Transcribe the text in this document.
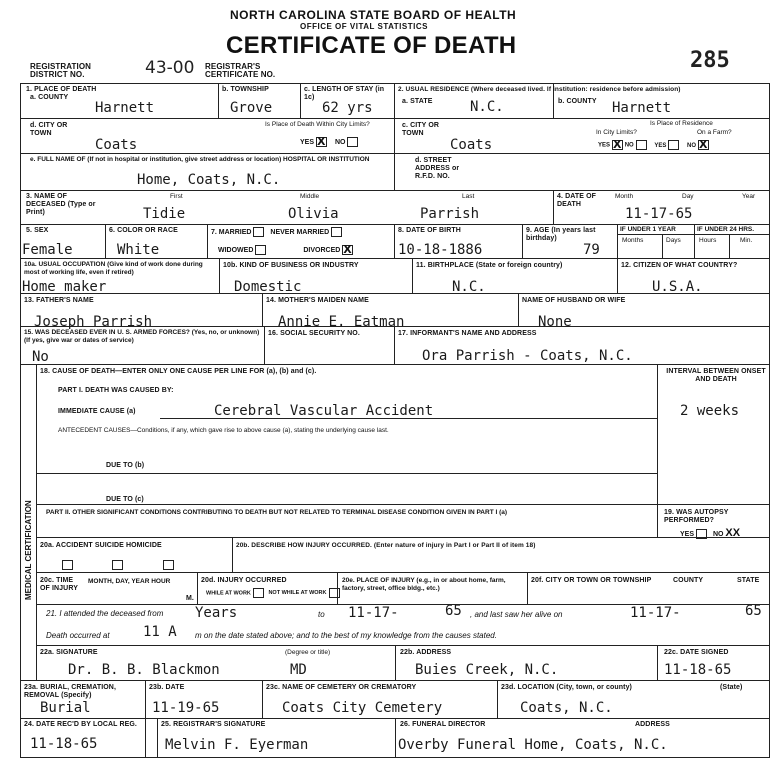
NORTH CAROLINA STATE BOARD OF HEALTH
OFFICE OF VITAL STATISTICS
CERTIFICATE OF DEATH
REGISTRATION DISTRICT NO.	43-00 REGISTRAR'S CERTIFICATE NO.
285
1. PLACE OF DEATH
a. COUNTY
Harnett
b. TOWNSHIP
Grove
c. LENGTH OF STAY (in 1c)
62 yrs
d. CITY OR TOWN
Coats
Is Place of Death Within City Limits?
YES X NO
e. FULL NAME OF (If not in hospital or institution, give street address or location) HOSPITAL OR INSTITUTION
Home, Coats, N.C.
2. USUAL RESIDENCE (Where deceased lived. If institution: residence before admission)
a. STATE	N.C.	b. COUNTY Harnett
c. CITY OR TOWN
Coats
Is Place of Residence
In City Limits?	On a Farm?
YES X NO	YES	NO X
d. STREET ADDRESS or R.F.D. NO.
3. NAME OF DECEASED (Type or Print)
First	Middle	Last
Tidie	Olivia	Parrish
4. DATE OF DEATH
Month	Day	Year
11-17-65
5. SEX
Female
6. COLOR OR RACE
White
7. MARRIED	NEVER MARRIED
WIDOWED	DIVORCED X
8. DATE OF BIRTH
10-18-1886
9. AGE (In years last birthday)
79
IF UNDER 1 YEAR	IF UNDER 24 HRS.
Months	Days	Hours	Min.
10a. USUAL OCCUPATION (Give kind of work done during most of working life, even if retired)
Home maker
10b. KIND OF BUSINESS OR INDUSTRY
Domestic
11. BIRTHPLACE (State or foreign country)
N.C.
12. CITIZEN OF WHAT COUNTRY?
U.S.A.
13. FATHER'S NAME
Joseph Parrish
14. MOTHER'S MAIDEN NAME
Annie E. Eatman
NAME OF HUSBAND OR WIFE
None
15. WAS DECEASED EVER IN U. S. ARMED FORCES? (Yes, no, or unknown) (If yes, give war or dates of service)
No
16. SOCIAL SECURITY NO.	17. INFORMANT'S NAME AND ADDRESS
Ora Parrish - Coats, N.C.
MEDICAL CERTIFICATION
18. CAUSE OF DEATH—ENTER ONLY ONE CAUSE PER LINE FOR (a), (b) and (c).
PART I. DEATH WAS CAUSED BY:
IMMEDIATE CAUSE (a)	Cerebral Vascular Accident
INTERVAL BETWEEN ONSET AND DEATH
2 weeks
ANTECEDENT CAUSES—Conditions, if any, which gave rise to above cause (a), stating the underlying cause last.
DUE TO (b)
DUE TO (c)
PART II. OTHER SIGNIFICANT CONDITIONS CONTRIBUTING TO DEATH BUT NOT RELATED TO TERMINAL DISEASE CONDITION GIVEN IN PART I (a)	19. WAS AUTOPSY PERFORMED?
YES	NO XX
20a. ACCIDENT SUICIDE HOMICIDE
	20b. DESCRIBE HOW INJURY OCCURRED. (Enter nature of injury in Part I or Part II of item 18)
20c. TIME OF INJURY
MONTH, DAY, YEAR HOUR
M.
20d. INJURY OCCURRED
WHILE AT WORK	NOT WHILE AT WORK
20e. PLACE OF INJURY (e.g., in or about home, farm, factory, street, office bldg., etc.)
20f. CITY OR TOWN OR TOWNSHIP	COUNTY	STATE
21. I attended the deceased from Years	to 11-17-	65 , and last saw her alive on	11-17-	65
Death occurred at 11 A m on the date stated above; and to the best of my knowledge from the causes stated.
22a. SIGNATURE	(Degree or title)
Dr. B. B. Blackmon	MD
22b. ADDRESS
Buies Creek, N.C.
22c. DATE SIGNED
11-18-65
23a. BURIAL, CREMATION, REMOVAL (Specify)
Burial
23b. DATE
11-19-65
23c. NAME OF CEMETERY OR CREMATORY
Coats City Cemetery
23d. LOCATION (City, town, or county)	(State)
Coats, N.C.
24. DATE REC'D BY LOCAL REG.
11-18-65
25. REGISTRAR'S SIGNATURE
Melvin F. Eyerman
26. FUNERAL DIRECTOR	ADDRESS
Overby Funeral Home, Coats, N.C.
